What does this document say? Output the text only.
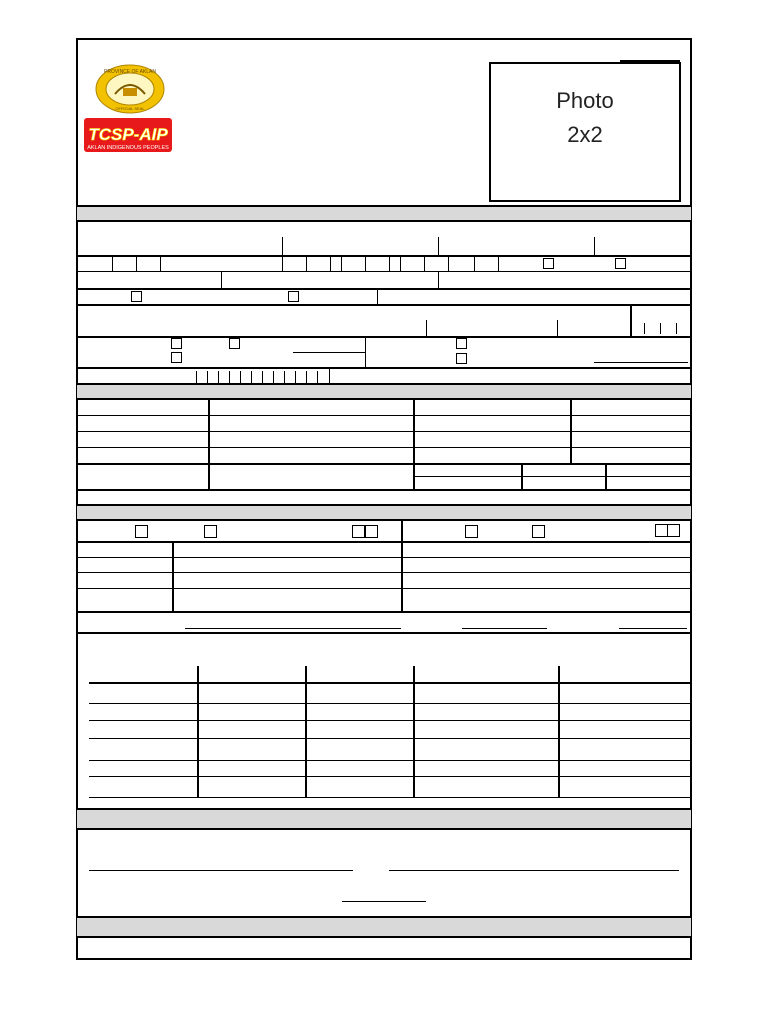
PROVINCE OF AKLAN
OFFICIAL SEAL
TCSP-AIP
AKLAN INDIGENOUS PEOPLES
Photo
2x2
